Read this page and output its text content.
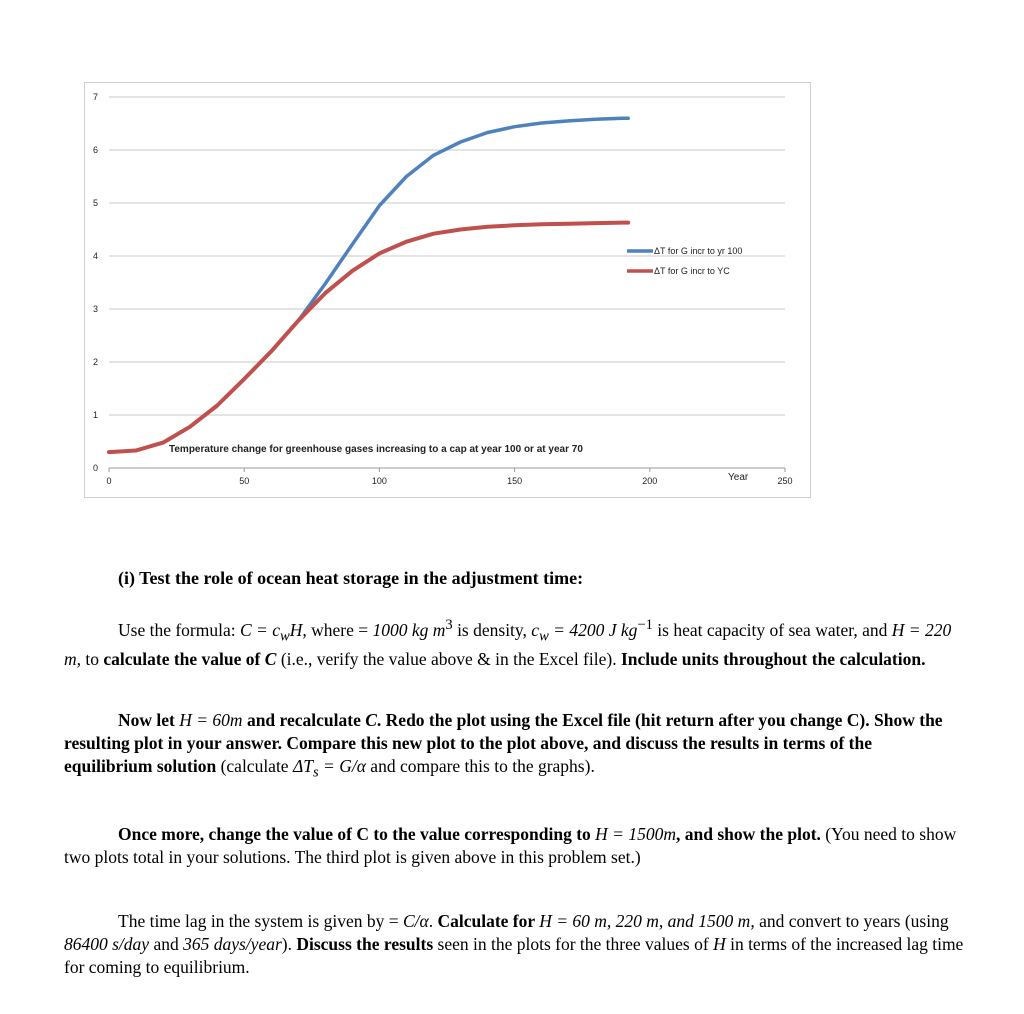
0
1
2
3
4
5
6
7
0	50	100	150	200	250
Temperature change for greenhouse gases increasing to a cap at year 100 or at year 70
Year
ΔT for G incr to yr 100
ΔT for G incr to YC
(i) Test the role of ocean heat storage in the adjustment time:

Use the formula: $C = c_wH$, where = 1000 kg $m^3$ is density, $c_w = 4200$ J $kg^{-1}$ is heat capacity of sea water, and H = 220 m, to calculate the value of C (i.e., verify the value above & in the Excel file). Include units throughout the calculation.

Now let H = 60m and recalculate C. Redo the plot using the Excel file (hit return after you change C). Show the resulting plot in your answer. Compare this new plot to the plot above, and discuss the results in terms of the equilibrium solution (calculate $\Delta T_s = G/\alpha$ and compare this to the graphs).

Once more, change the value of C to the value corresponding to H = 1500m, and show the plot. (You need to show two plots total in your solutions. The third plot is given above in this problem set.)

The time lag in the system is given by = C/α. Calculate for H = 60 m, 220 m, and 1500 m, and convert to years (using 86400 s/day and 365 days/year). Discuss the results seen in the plots for the three values of H in terms of the increased lag time for coming to equilibrium.
